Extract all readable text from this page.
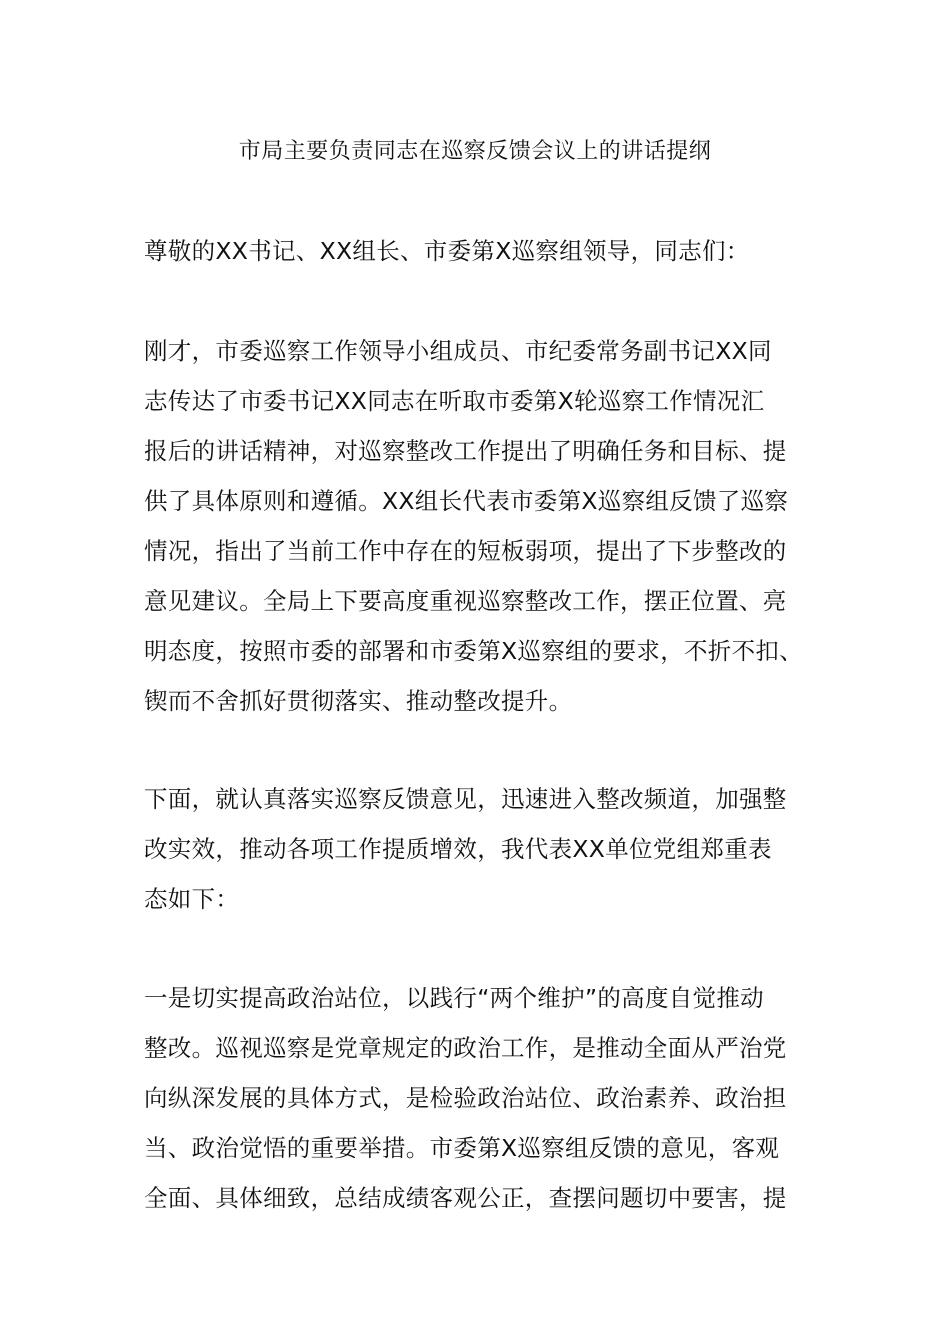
市局主要负责同志在巡察反馈会议上的讲话提纲
尊敬的XX书记、XX组长、市委第X巡察组领导，同志们：
刚才，市委巡察工作领导小组成员、市纪委常务副书记XX同
志传达了市委书记XX同志在听取市委第X轮巡察工作情况汇
报后的讲话精神，对巡察整改工作提出了明确任务和目标、提
供了具体原则和遵循。XX组长代表市委第X巡察组反馈了巡察
情况，指出了当前工作中存在的短板弱项，提出了下步整改的
意见建议。全局上下要高度重视巡察整改工作，摆正位置、亮
明态度，按照市委的部署和市委第X巡察组的要求，不折不扣、
锲而不舍抓好贯彻落实、推动整改提升。
下面，就认真落实巡察反馈意见，迅速进入整改频道，加强整
改实效，推动各项工作提质增效，我代表XX单位党组郑重表
态如下：
一是切实提高政治站位，以践行“两个维护”的高度自觉推动
整改。巡视巡察是党章规定的政治工作，是推动全面从严治党
向纵深发展的具体方式，是检验政治站位、政治素养、政治担
当、政治觉悟的重要举措。市委第X巡察组反馈的意见，客观
全面、具体细致，总结成绩客观公正，查摆问题切中要害，提
